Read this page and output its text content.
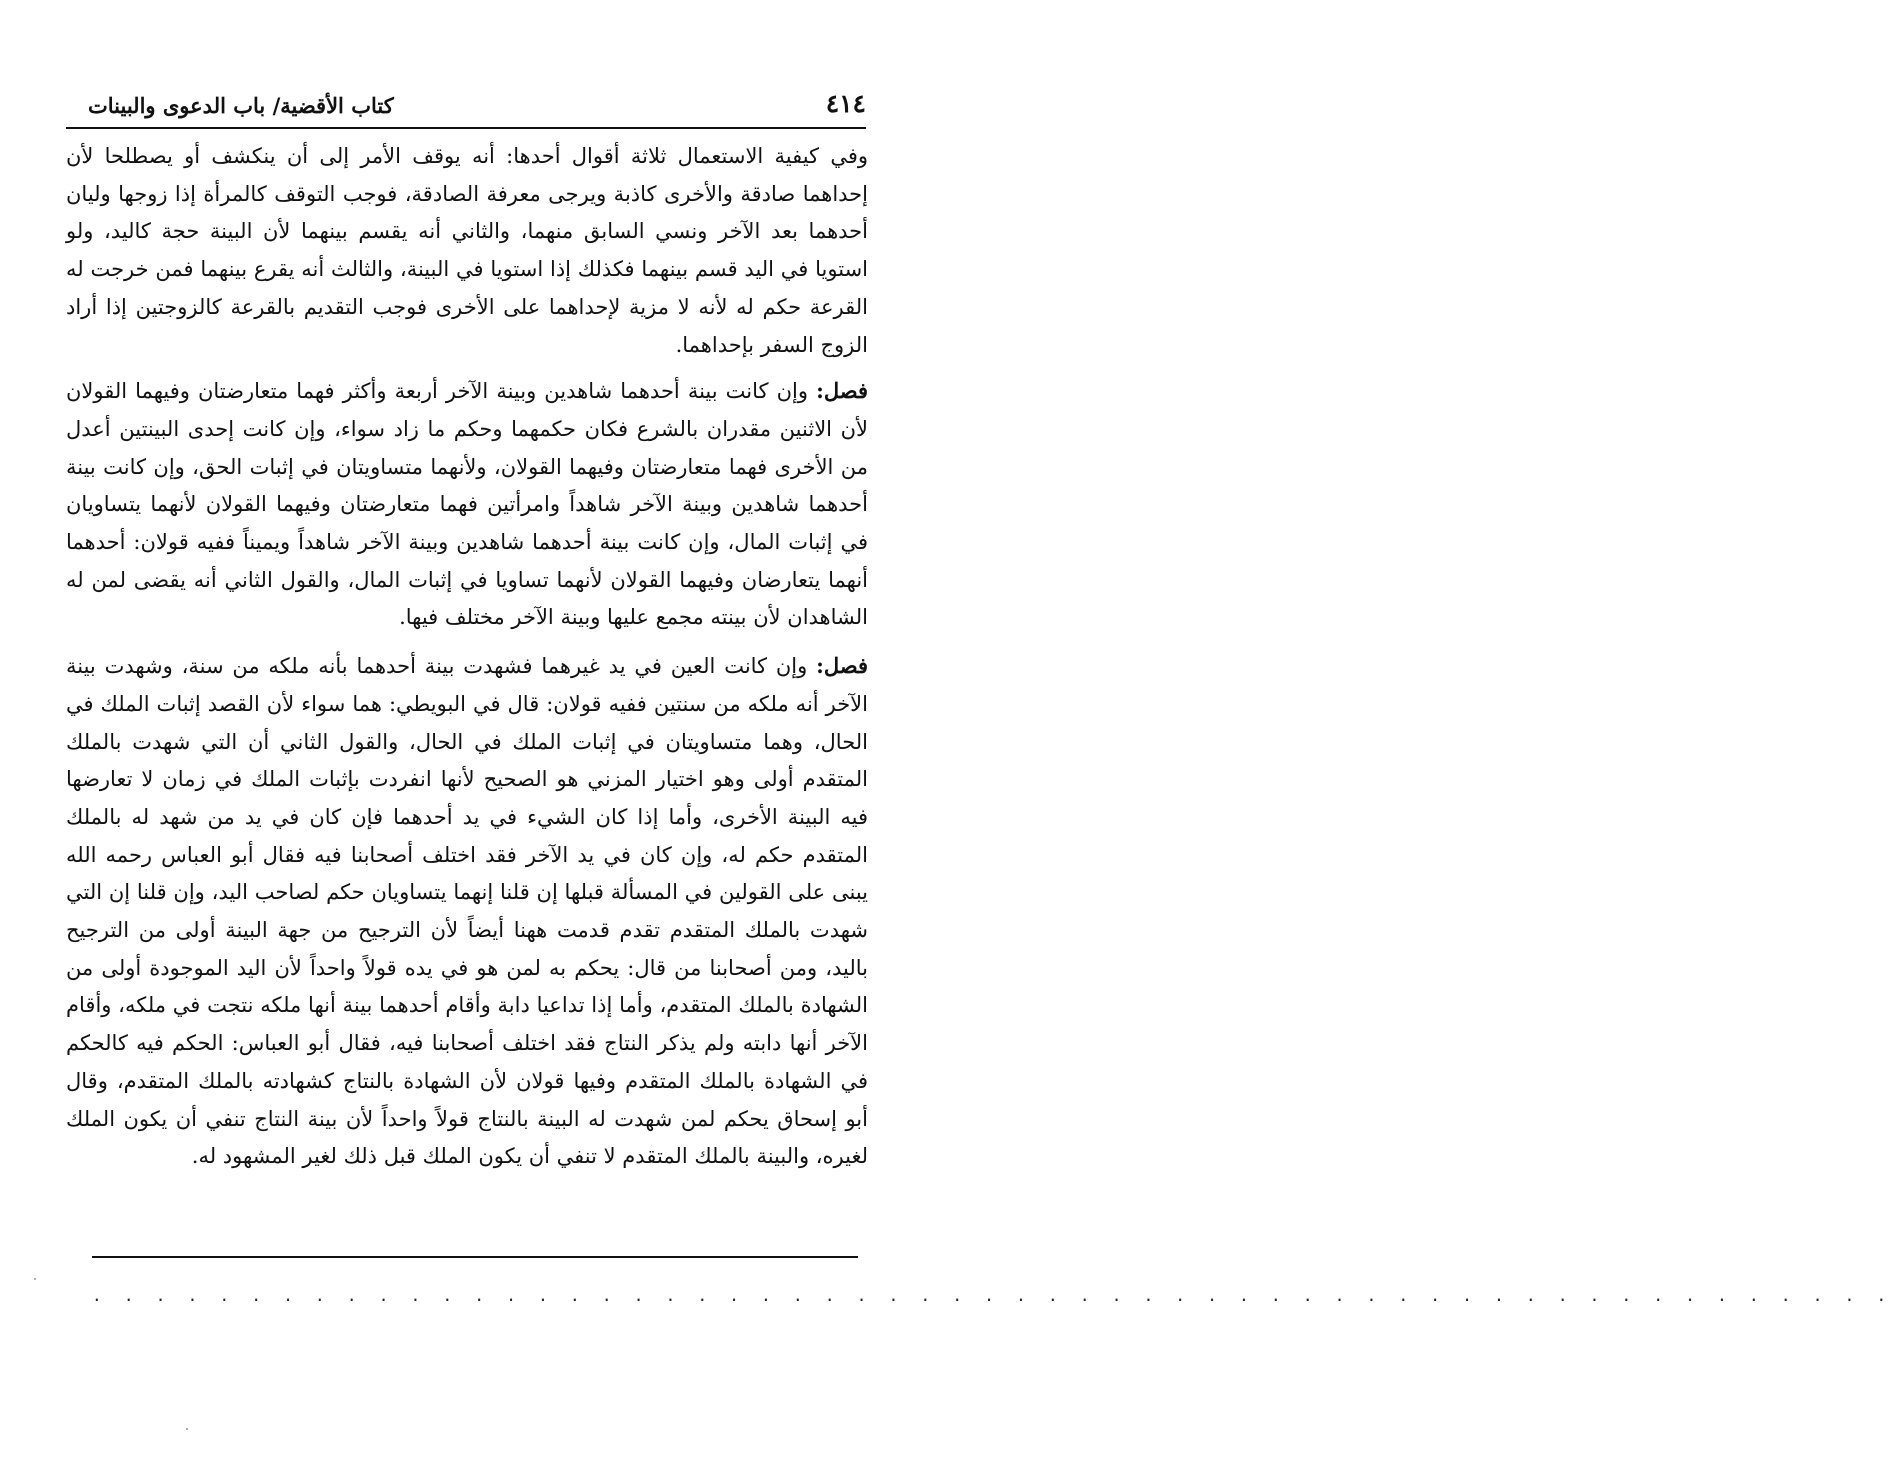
٤١٤
كتاب الأقضية/ باب الدعوى والبينات

وفي كيفية الاستعمال ثلاثة أقوال أحدها: أنه يوقف الأمر إلى أن ينكشف أو يصطلحا لأن إحداهما صادقة والأخرى كاذبة ويرجى معرفة الصادقة، فوجب التوقف كالمرأة إذا زوجها وليان أحدهما بعد الآخر ونسي السابق منهما، والثاني أنه يقسم بينهما لأن البينة حجة كاليد، ولو استويا في اليد قسم بينهما فكذلك إذا استويا في البينة، والثالث أنه يقرع بينهما فمن خرجت له القرعة حكم له لأنه لا مزية لإحداهما على الأخرى فوجب التقديم بالقرعة كالزوجتين إذا أراد الزوج السفر بإحداهما.

فصل: وإن كانت بينة أحدهما شاهدين وبينة الآخر أربعة وأكثر فهما متعارضتان وفيهما القولان لأن الاثنين مقدران بالشرع فكان حكمهما وحكم ما زاد سواء، وإن كانت إحدى البينتين أعدل من الأخرى فهما متعارضتان وفيهما القولان، ولأنهما متساويتان في إثبات الحق، وإن كانت بينة أحدهما شاهدين وبينة الآخر شاهداً وامرأتين فهما متعارضتان وفيهما القولان لأنهما يتساويان في إثبات المال، وإن كانت بينة أحدهما شاهدين وبينة الآخر شاهداً ويميناً ففيه قولان: أحدهما أنهما يتعارضان وفيهما القولان لأنهما تساويا في إثبات المال، والقول الثاني أنه يقضى لمن له الشاهدان لأن بينته مجمع عليها وبينة الآخر مختلف فيها.

فصل: وإن كانت العين في يد غيرهما فشهدت بينة أحدهما بأنه ملكه من سنة، وشهدت بينة الآخر أنه ملكه من سنتين ففيه قولان: قال في البويطي: هما سواء لأن القصد إثبات الملك في الحال، وهما متساويتان في إثبات الملك في الحال، والقول الثاني أن التي شهدت بالملك المتقدم أولى وهو اختيار المزني هو الصحيح لأنها انفردت بإثبات الملك في زمان لا تعارضها فيه البينة الأخرى، وأما إذا كان الشيء في يد أحدهما فإن كان في يد من شهد له بالملك المتقدم حكم له، وإن كان في يد الآخر فقد اختلف أصحابنا فيه فقال أبو العباس رحمه الله يبنى على القولين في المسألة قبلها إن قلنا إنهما يتساويان حكم لصاحب اليد، وإن قلنا إن التي شهدت بالملك المتقدم تقدم قدمت ههنا أيضاً لأن الترجيح من جهة البينة أولى من الترجيح باليد، ومن أصحابنا من قال: يحكم به لمن هو في يده قولاً واحداً لأن اليد الموجودة أولى من الشهادة بالملك المتقدم، وأما إذا تداعيا دابة وأقام أحدهما بينة أنها ملكه نتجت في ملكه، وأقام الآخر أنها دابته ولم يذكر النتاج فقد اختلف أصحابنا فيه، فقال أبو العباس: الحكم فيه كالحكم في الشهادة بالملك المتقدم وفيها قولان لأن الشهادة بالنتاج كشهادته بالملك المتقدم، وقال أبو إسحاق يحكم لمن شهدت له البينة بالنتاج قولاً واحداً لأن بينة النتاج تنفي أن يكون الملك لغيره، والبينة بالملك المتقدم لا تنفي أن يكون الملك قبل ذلك لغير المشهود له.

. . . . . . . . . . . . . . . . . . . . . . . . . . . . . . . . . . . . . . . . . . . . . . . . . . . . . . . . .
